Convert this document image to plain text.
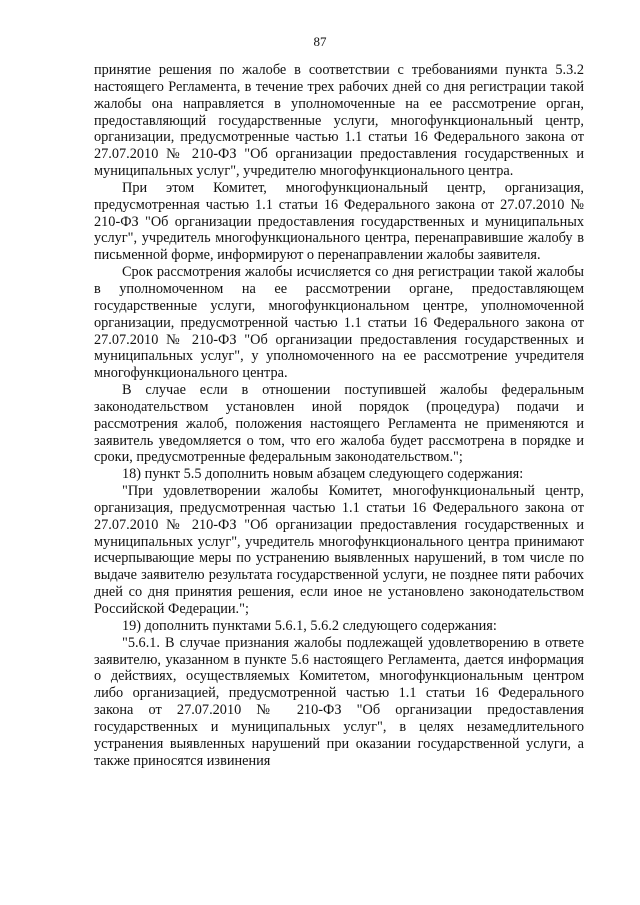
87

принятие решения по жалобе в соответствии с требованиями пункта 5.3.2 настоящего Регламента, в течение трех рабочих дней со дня регистрации такой жалобы она направляется в уполномоченные на ее рассмотрение орган, предоставляющий государственные услуги, многофункциональный центр, организации, предусмотренные частью 1.1 статьи 16 Федерального закона от 27.07.2010 № 210-ФЗ "Об организации предоставления государственных и муниципальных услуг", учредителю многофункционального центра.

При этом Комитет, многофункциональный центр, организация, предусмотренная частью 1.1 статьи 16 Федерального закона от 27.07.2010 № 210-ФЗ "Об организации предоставления государственных и муниципальных услуг", учредитель многофункционального центра, перенаправившие жалобу в письменной форме, информируют о перенаправлении жалобы заявителя.

Срок рассмотрения жалобы исчисляется со дня регистрации такой жалобы в уполномоченном на ее рассмотрении органе, предоставляющем государственные услуги, многофункциональном центре, уполномоченной организации, предусмотренной частью 1.1 статьи 16 Федерального закона от 27.07.2010 № 210-ФЗ "Об организации предоставления государственных и муниципальных услуг", у уполномоченного на ее рассмотрение учредителя многофункционального центра.

В случае если в отношении поступившей жалобы федеральным законодательством установлен иной порядок (процедура) подачи и рассмотрения жалоб, положения настоящего Регламента не применяются и заявитель уведомляется о том, что его жалоба будет рассмотрена в порядке и сроки, предусмотренные федеральным законодательством.";

18) пункт 5.5 дополнить новым абзацем следующего содержания:

"При удовлетворении жалобы Комитет, многофункциональный центр, организация, предусмотренная частью 1.1 статьи 16 Федерального закона от 27.07.2010 № 210-ФЗ "Об организации предоставления государственных и муниципальных услуг", учредитель многофункционального центра принимают исчерпывающие меры по устранению выявленных нарушений, в том числе по выдаче заявителю результата государственной услуги, не позднее пяти рабочих дней со дня принятия решения, если иное не установлено законодательством Российской Федерации.";

19) дополнить пунктами 5.6.1, 5.6.2 следующего содержания:

"5.6.1. В случае признания жалобы подлежащей удовлетворению в ответе заявителю, указанном в пункте 5.6 настоящего Регламента, дается информация о действиях, осуществляемых Комитетом, многофункциональным центром либо организацией, предусмотренной частью 1.1 статьи 16 Федерального закона от 27.07.2010 № 210-ФЗ "Об организации предоставления государственных и муниципальных услуг", в целях незамедлительного устранения выявленных нарушений при оказании государственной услуги, а также приносятся извинения
